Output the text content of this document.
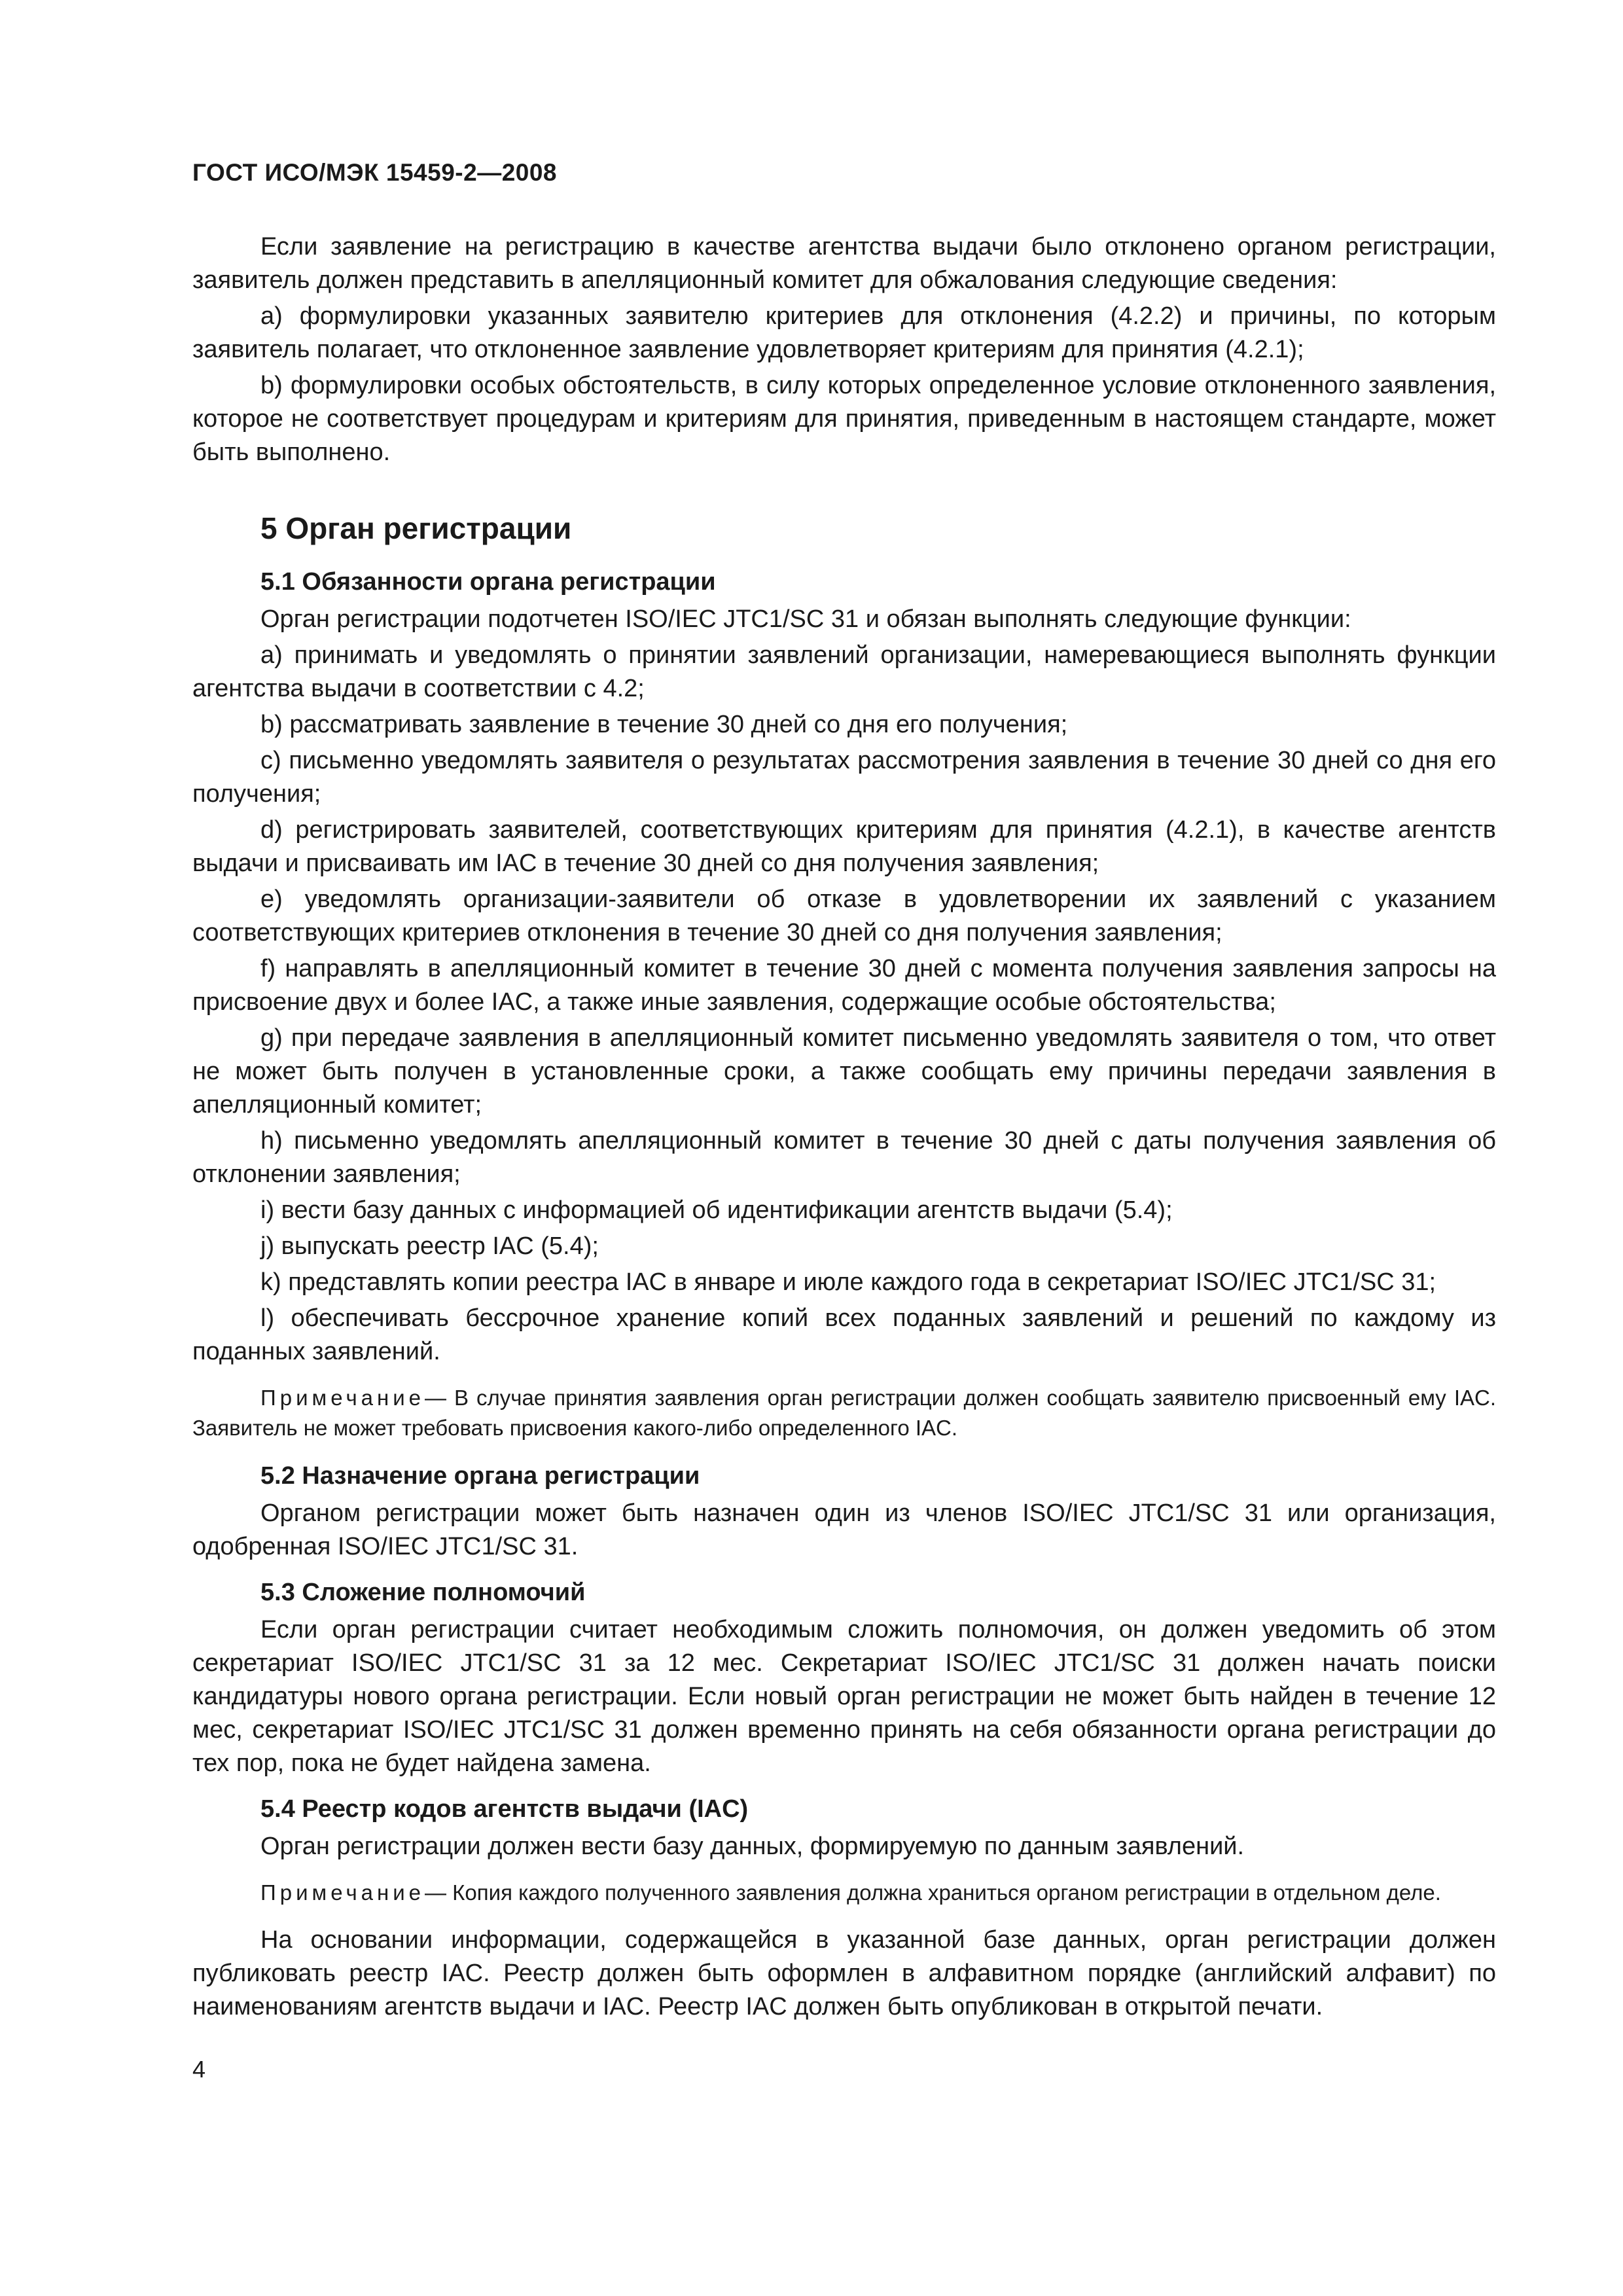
ГОСТ ИСО/МЭК 15459-2—2008

Если заявление на регистрацию в качестве агентства выдачи было отклонено органом регистрации, заявитель должен представить в апелляционный комитет для обжалования следующие сведения:

a) формулировки указанных заявителю критериев для отклонения (4.2.2) и причины, по которым заявитель полагает, что отклоненное заявление удовлетворяет критериям для принятия (4.2.1);

b) формулировки особых обстоятельств, в силу которых определенное условие отклоненного заявления, которое не соответствует процедурам и критериям для принятия, приведенным в настоящем стандарте, может быть выполнено.

5 Орган регистрации
5.1 Обязанности органа регистрации

Орган регистрации подотчетен ISO/IEC JTC1/SC 31 и обязан выполнять следующие функции:

a) принимать и уведомлять о принятии заявлений организации, намеревающиеся выполнять функции агентства выдачи в соответствии с 4.2;

b) рассматривать заявление в течение 30 дней со дня его получения;

c) письменно уведомлять заявителя о результатах рассмотрения заявления в течение 30 дней со дня его получения;

d) регистрировать заявителей, соответствующих критериям для принятия (4.2.1), в качестве агентств выдачи и присваивать им IAC в течение 30 дней со дня получения заявления;

e) уведомлять организации-заявители об отказе в удовлетворении их заявлений с указанием соответствующих критериев отклонения в течение 30 дней со дня получения заявления;

f) направлять в апелляционный комитет в течение 30 дней с момента получения заявления запросы на присвоение двух и более IAC, а также иные заявления, содержащие особые обстоятельства;

g) при передаче заявления в апелляционный комитет письменно уведомлять заявителя о том, что ответ не может быть получен в установленные сроки, а также сообщать ему причины передачи заявления в апелляционный комитет;

h) письменно уведомлять апелляционный комитет в течение 30 дней с даты получения заявления об отклонении заявления;

i) вести базу данных с информацией об идентификации агентств выдачи (5.4);

j) выпускать реестр IAC (5.4);

k) представлять копии реестра IAC в январе и июле каждого года в секретариат ISO/IEC JTC1/SC 31;

l) обеспечивать бессрочное хранение копий всех поданных заявлений и решений по каждому из поданных заявлений.

Примечание— В случае принятия заявления орган регистрации должен сообщать заявителю присвоенный ему IAC. Заявитель не может требовать присвоения какого-либо определенного IAC.

5.2 Назначение органа регистрации

Органом регистрации может быть назначен один из членов ISO/IEC JTC1/SC 31 или организация, одобренная ISO/IEC JTC1/SC 31.

5.3 Сложение полномочий

Если орган регистрации считает необходимым сложить полномочия, он должен уведомить об этом секретариат ISO/IEC JTC1/SC 31 за 12 мес. Секретариат ISO/IEC JTC1/SC 31 должен начать поиски кандидатуры нового органа регистрации. Если новый орган регистрации не может быть найден в течение 12 мес, секретариат ISO/IEC JTC1/SC 31 должен временно принять на себя обязанности органа регистрации до тех пор, пока не будет найдена замена.

5.4 Реестр кодов агентств выдачи (IAC)

Орган регистрации должен вести базу данных, формируемую по данным заявлений.

Примечание— Копия каждого полученного заявления должна храниться органом регистрации в отдельном деле.

На основании информации, содержащейся в указанной базе данных, орган регистрации должен публиковать реестр IAC. Реестр должен быть оформлен в алфавитном порядке (английский алфавит) по наименованиям агентств выдачи и IAC. Реестр IAC должен быть опубликован в открытой печати.

4
